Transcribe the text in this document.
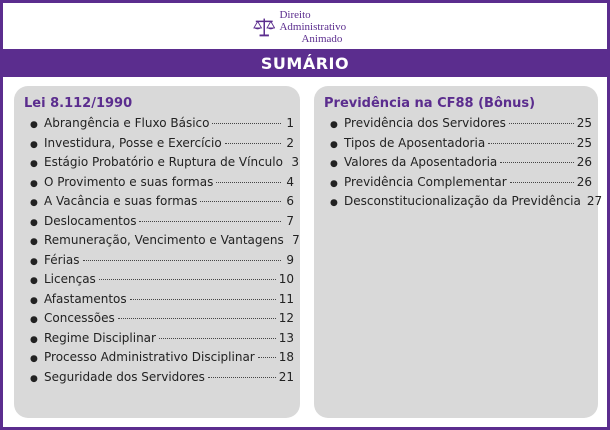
Direito Administrativo
Animado
SUMÁRIO
Lei 8.112/1990
● Abrangência e Fluxo Básico	1
● Investidura, Posse e Exercício	2
● Estágio Probatório e Ruptura de Vínculo 3
● O Provimento e suas formas	4
● A Vacância e suas formas	6
● Deslocamentos	7
● Remuneração, Vencimento e Vantagens 7
● Férias	9
● Licenças	10
● Afastamentos	11
● Concessões	12
● Regime Disciplinar	13
● Processo Administrativo Disciplinar 18
● Seguridade dos Servidores	21
Previdência na CF88 (Bônus)
● Previdência dos Servidores	25
● Tipos de Aposentadoria	25
● Valores da Aposentadoria	26
● Previdência Complementar	26
● Desconstitucionalização da Previdência 27
